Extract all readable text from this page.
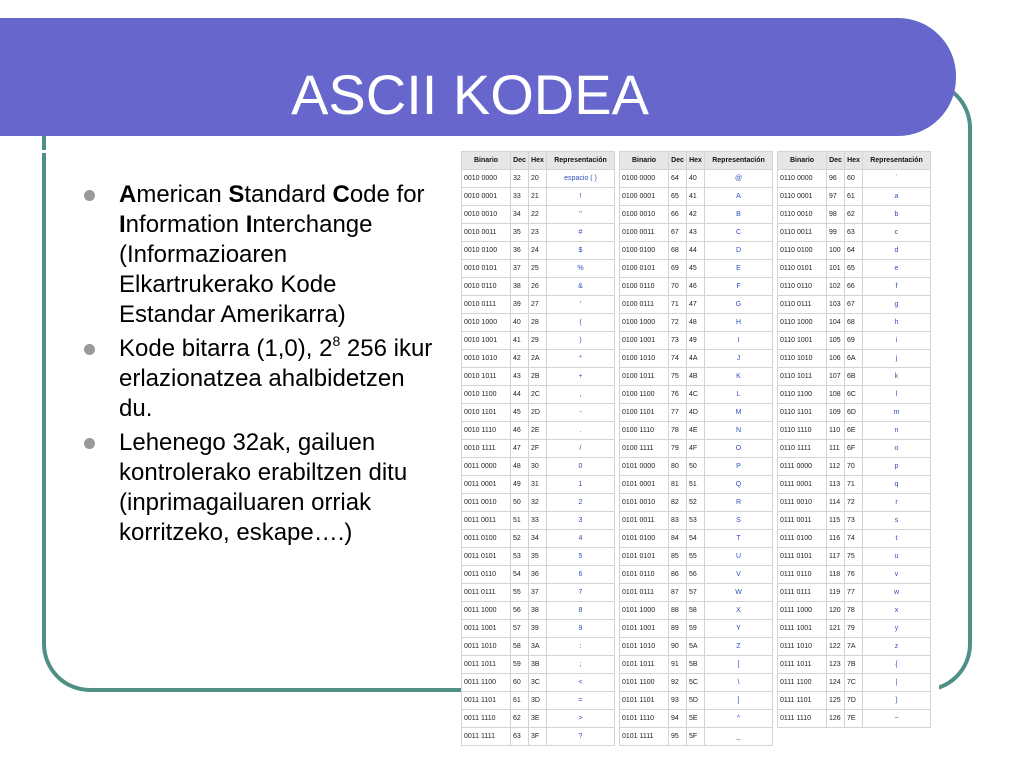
ASCII KODEA
American Standard Code for Information Interchange (Informazioaren Elkartrukerako Kode Estandar Amerikarra)
Kode bitarra (1,0), $2^8$ 256 ikur erlazionatzea ahalbidetzen du.
Lehenego 32ak, gailuen kontrolerako erabiltzen ditu (inprimagailuaren orriak korritzeko, eskape….)
Binario	Dec	Hex	Representación		Binario	Dec	Hex	Representación		Binario	Dec	Hex	Representación
0010 0000	32	20	espacio ( )		0100 0000	64	40	@		0110 0000	96	60	`
0010 0001	33	21	!		0100 0001	65	41	A		0110 0001	97	61	a
0010 0010	34	22	"		0100 0010	66	42	B		0110 0010	98	62	b
0010 0011	35	23	#		0100 0011	67	43	C		0110 0011	99	63	c
0010 0100	36	24	$		0100 0100	68	44	D		0110 0100	100	64	d
0010 0101	37	25	%		0100 0101	69	45	E		0110 0101	101	65	e
0010 0110	38	26	&		0100 0110	70	46	F		0110 0110	102	66	f
0010 0111	39	27	'		0100 0111	71	47	G		0110 0111	103	67	g
0010 1000	40	28	(		0100 1000	72	48	H		0110 1000	104	68	h
0010 1001	41	29	)		0100 1001	73	49	I		0110 1001	105	69	i
0010 1010	42	2A	*		0100 1010	74	4A	J		0110 1010	106	6A	j
0010 1011	43	2B	+		0100 1011	75	4B	K		0110 1011	107	6B	k
0010 1100	44	2C	,		0100 1100	76	4C	L		0110 1100	108	6C	l
0010 1101	45	2D	-		0100 1101	77	4D	M		0110 1101	109	6D	m
0010 1110	46	2E	.		0100 1110	78	4E	N		0110 1110	110	6E	n
0010 1111	47	2F	/		0100 1111	79	4F	O		0110 1111	111	6F	o
0011 0000	48	30	0		0101 0000	80	50	P		0111 0000	112	70	p
0011 0001	49	31	1		0101 0001	81	51	Q		0111 0001	113	71	q
0011 0010	50	32	2		0101 0010	82	52	R		0111 0010	114	72	r
0011 0011	51	33	3		0101 0011	83	53	S		0111 0011	115	73	s
0011 0100	52	34	4		0101 0100	84	54	T		0111 0100	116	74	t
0011 0101	53	35	5		0101 0101	85	55	U		0111 0101	117	75	u
0011 0110	54	36	6		0101 0110	86	56	V		0111 0110	118	76	v
0011 0111	55	37	7		0101 0111	87	57	W		0111 0111	119	77	w
0011 1000	56	38	8		0101 1000	88	58	X		0111 1000	120	78	x
0011 1001	57	39	9		0101 1001	89	59	Y		0111 1001	121	79	y
0011 1010	58	3A	:		0101 1010	90	5A	Z		0111 1010	122	7A	z
0011 1011	59	3B	;		0101 1011	91	5B	[		0111 1011	123	7B	{
0011 1100	60	3C	<		0101 1100	92	5C	\		0111 1100	124	7C	|
0011 1101	61	3D	=		0101 1101	93	5D	]		0111 1101	125	7D	}
0011 1110	62	3E	>		0101 1110	94	5E	^		0111 1110	126	7E	~
0011 1111	63	3F	?		0101 1111	95	5F	_					
